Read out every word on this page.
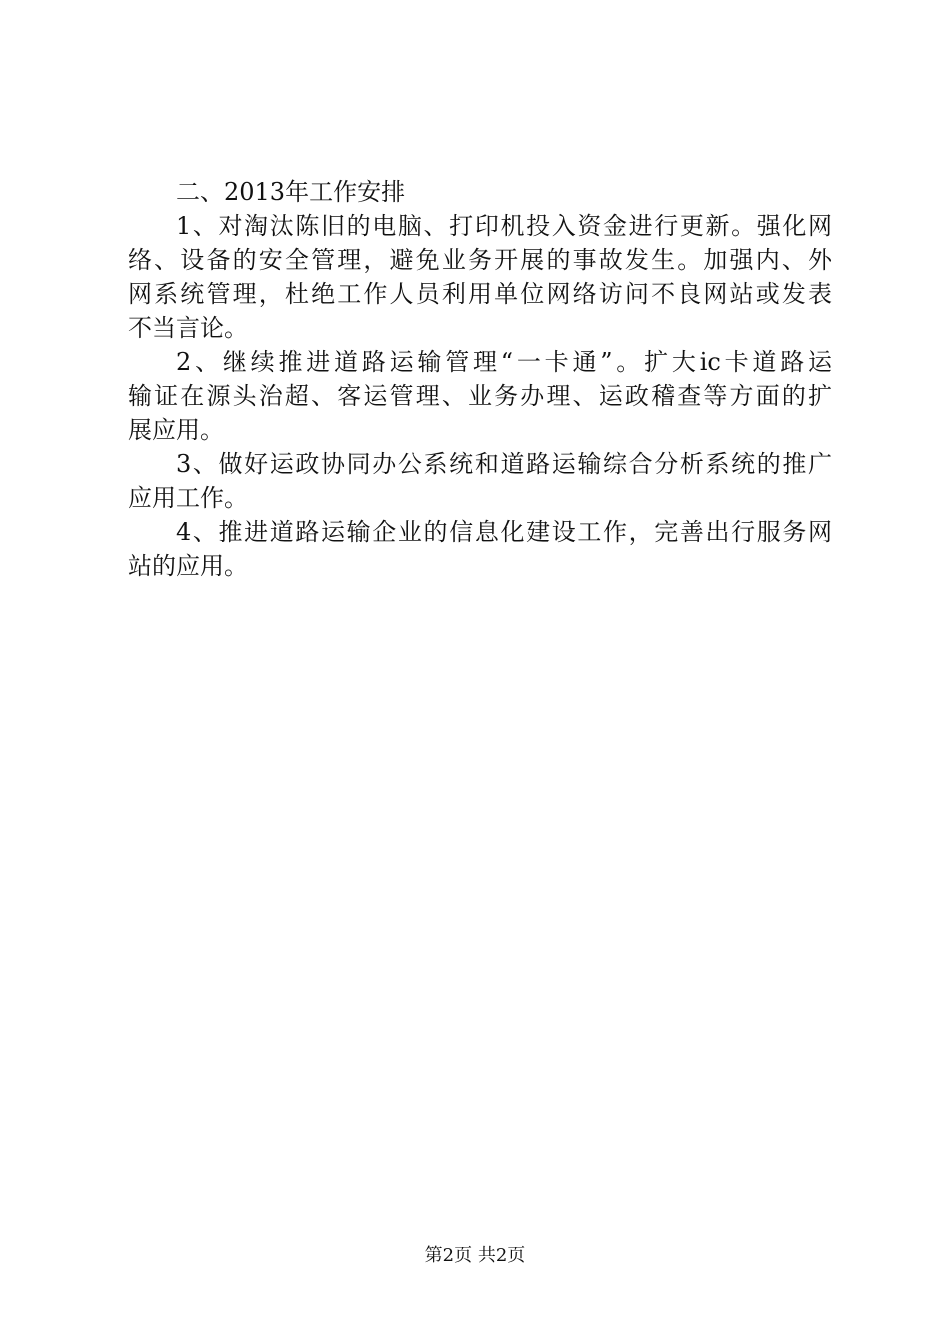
二、2013年工作安排

1、对淘汰陈旧的电脑、打印机投入资金进行更新。强化网

络、设备的安全管理，避免业务开展的事故发生。加强内、外

网系统管理，杜绝工作人员利用单位网络访问不良网站或发表

不当言论。

2、继续推进道路运输管理“一卡通”。扩大ic卡道路运

输证在源头治超、客运管理、业务办理、运政稽查等方面的扩

展应用。

3、做好运政协同办公系统和道路运输综合分析系统的推广

应用工作。

4、推进道路运输企业的信息化建设工作，完善出行服务网

站的应用。

第2页 共2页
